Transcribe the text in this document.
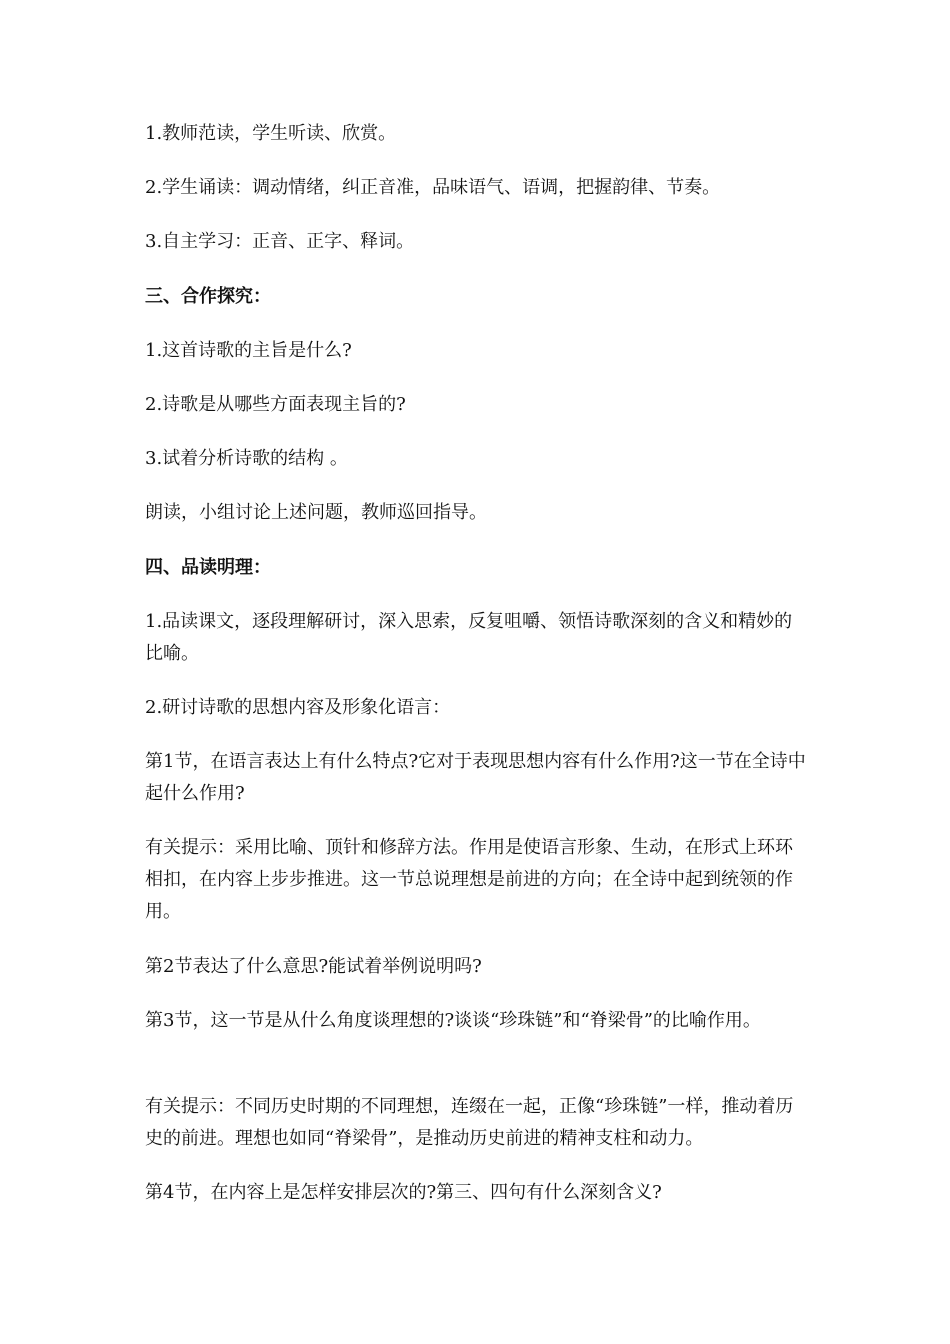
1.教师范读，学生听读、欣赏。

2.学生诵读：调动情绪，纠正音准，品味语气、语调，把握韵律、节奏。

3.自主学习：正音、正字、释词。

三、合作探究：

1.这首诗歌的主旨是什么?

2.诗歌是从哪些方面表现主旨的?

3.试着分析诗歌的结构 。

朗读，小组讨论上述问题，教师巡回指导。

四、品读明理：

1.品读课文，逐段理解研讨，深入思索，反复咀嚼、领悟诗歌深刻的含义和精妙的比喻。

2.研讨诗歌的思想内容及形象化语言：

第1节，在语言表达上有什么特点?它对于表现思想内容有什么作用?这一节在全诗中起什么作用?

有关提示：采用比喻、顶针和修辞方法。作用是使语言形象、生动，在形式上环环相扣，在内容上步步推进。这一节总说理想是前进的方向；在全诗中起到统领的作用。

第2节表达了什么意思?能试着举例说明吗?

第3节，这一节是从什么角度谈理想的?谈谈“珍珠链”和“脊梁骨”的比喻作用。

有关提示：不同历史时期的不同理想，连缀在一起，正像“珍珠链”一样，推动着历史的前进。理想也如同“脊梁骨”，是推动历史前进的精神支柱和动力。

第4节，在内容上是怎样安排层次的?第三、四句有什么深刻含义?
